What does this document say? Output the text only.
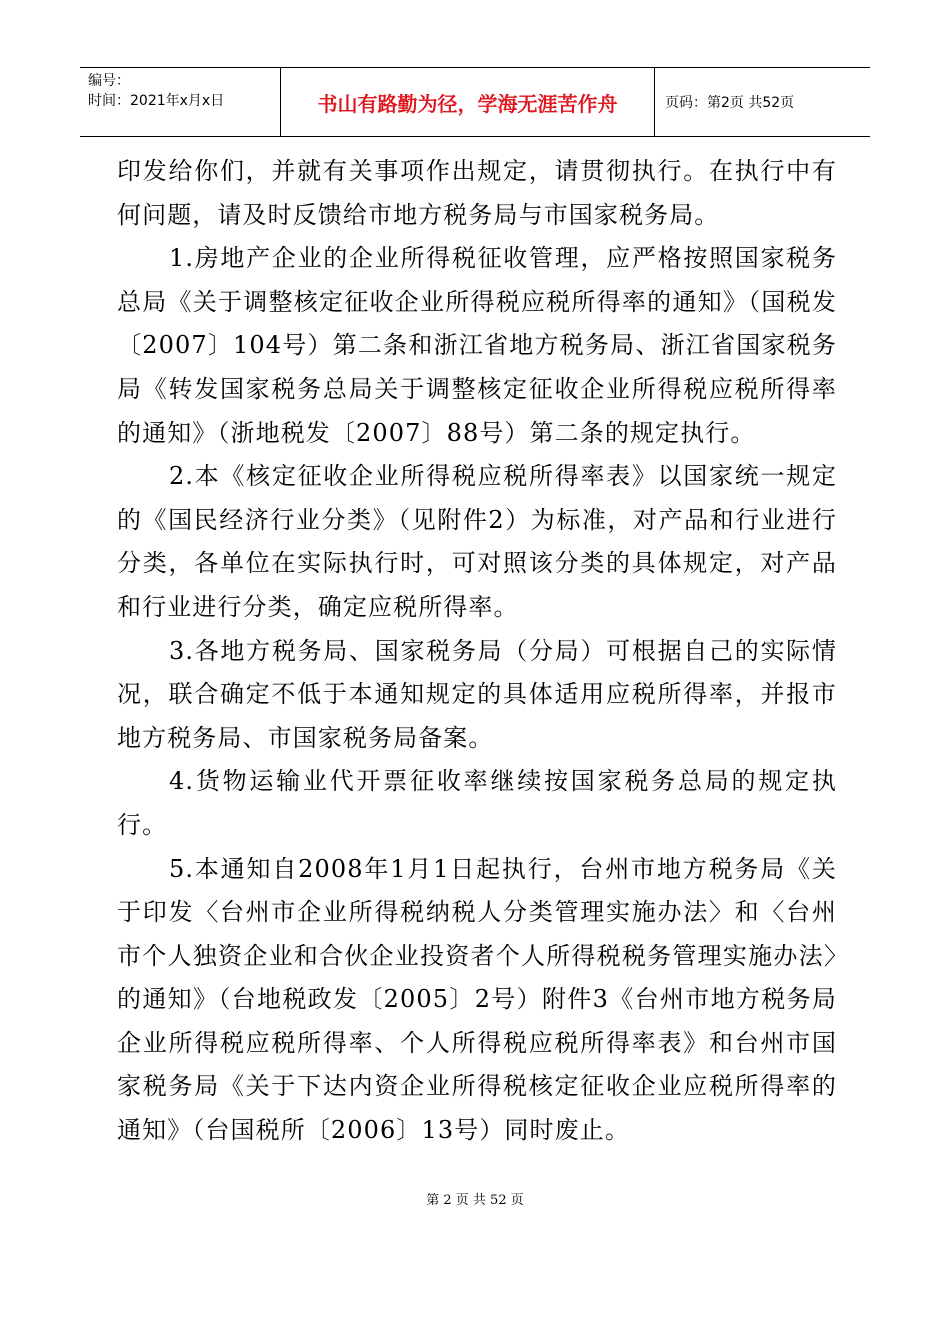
编号：
时间：2021年x月x日	书山有路勤为径，学海无涯苦作舟	页码：第2页 共52页

印发给你们，并就有关事项作出规定，请贯彻执行。在执行中有何问题，请及时反馈给市地方税务局与市国家税务局。

1.房地产企业的企业所得税征收管理，应严格按照国家税务总局《关于调整核定征收企业所得税应税所得率的通知》（国税发〔2007〕104号）第二条和浙江省地方税务局、浙江省国家税务局《转发国家税务总局关于调整核定征收企业所得税应税所得率的通知》（浙地税发〔2007〕88号）第二条的规定执行。

2.本《核定征收企业所得税应税所得率表》以国家统一规定的《国民经济行业分类》（见附件2）为标准，对产品和行业进行分类，各单位在实际执行时，可对照该分类的具体规定，对产品和行业进行分类，确定应税所得率。

3.各地方税务局、国家税务局（分局）可根据自己的实际情况，联合确定不低于本通知规定的具体适用应税所得率，并报市地方税务局、市国家税务局备案。

4.货物运输业代开票征收率继续按国家税务总局的规定执行。

5.本通知自2008年1月1日起执行，台州市地方税务局《关于印发〈台州市企业所得税纳税人分类管理实施办法〉和〈台州市个人独资企业和合伙企业投资者个人所得税税务管理实施办法〉的通知》（台地税政发〔2005〕2号）附件3《台州市地方税务局企业所得税应税所得率、个人所得税应税所得率表》和台州市国家税务局《关于下达内资企业所得税核定征收企业应税所得率的通知》（台国税所〔2006〕13号）同时废止。

第 2 页 共 52 页
